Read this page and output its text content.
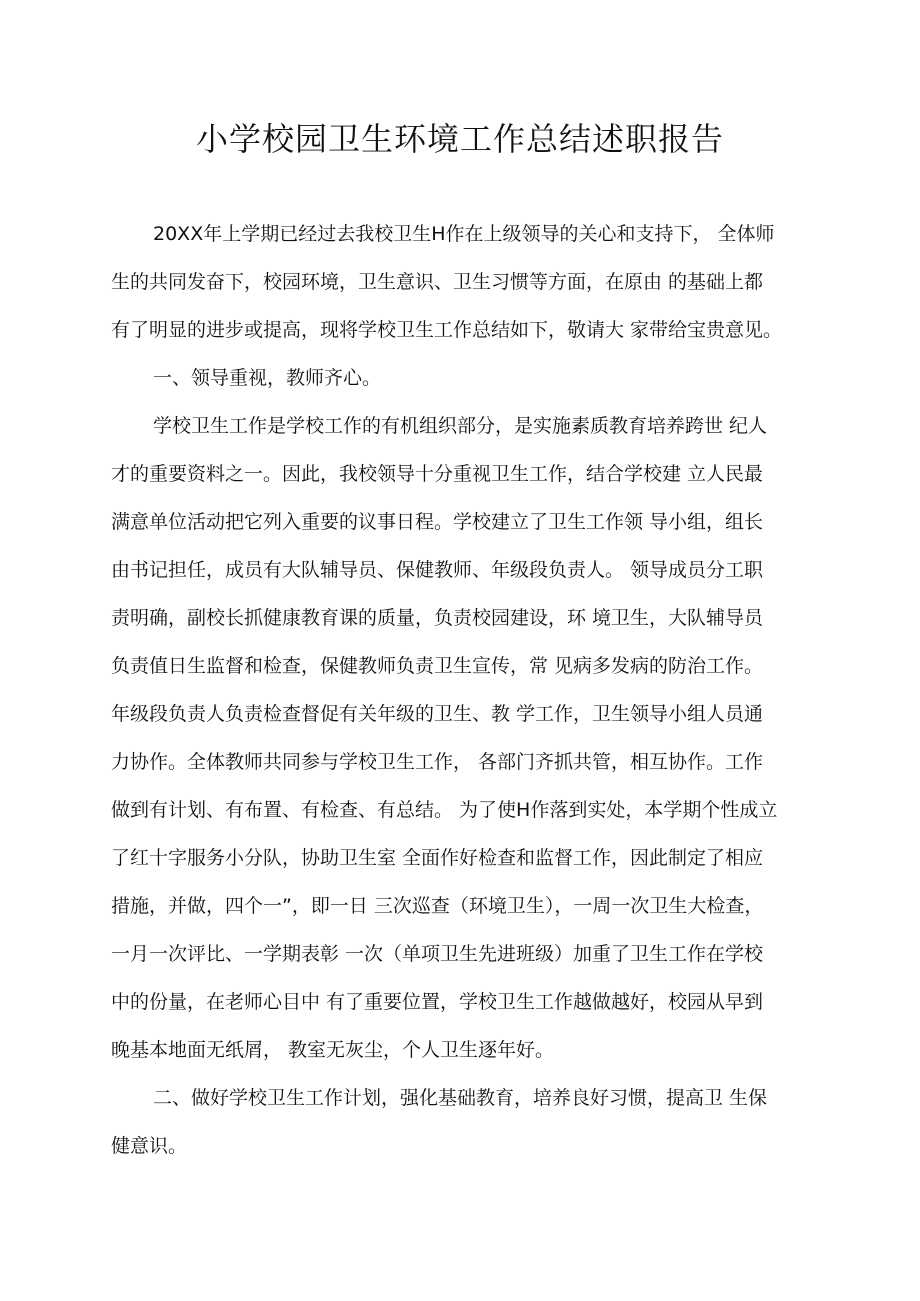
小学校园卫生环境工作总结述职报告

20XX年上学期已经过去我校卫生H作在上级领导的关心和支持下， 全体师

生的共同发奋下，校园环境，卫生意识、卫生习惯等方面，在原由 的基础上都

有了明显的进步或提高，现将学校卫生工作总结如下，敬请大 家带给宝贵意见。

一、领导重视，教师齐心。

学校卫生工作是学校工作的有机组织部分，是实施素质教育培养跨世 纪人

才的重要资料之一。因此，我校领导十分重视卫生工作，结合学校建 立人民最

满意单位活动把它列入重要的议事日程。学校建立了卫生工作领 导小组，组长

由书记担任，成员有大队辅导员、保健教师、年级段负责人。 领导成员分工职

责明确，副校长抓健康教育课的质量，负责校园建设，环 境卫生，大队辅导员

负责值日生监督和检查，保健教师负责卫生宣传，常 见病多发病的防治工作。

年级段负责人负责检查督促有关年级的卫生、教 学工作，卫生领导小组人员通

力协作。全体教师共同参与学校卫生工作， 各部门齐抓共管，相互协作。工作

做到有计划、有布置、有检查、有总结。 为了使H作落到实处，本学期个性成立

了红十字服务小分队，协助卫生室 全面作好检查和监督工作，因此制定了相应

措施，并做，四个一”，即一日 三次巡查（环境卫生），一周一次卫生大检查，

一月一次评比、一学期表彰 一次（单项卫生先进班级）加重了卫生工作在学校

中的份量，在老师心目中 有了重要位置，学校卫生工作越做越好，校园从早到

晚基本地面无纸屑， 教室无灰尘，个人卫生逐年好。

二、做好学校卫生工作计划，强化基础教育，培养良好习惯，提高卫 生保

健意识。
